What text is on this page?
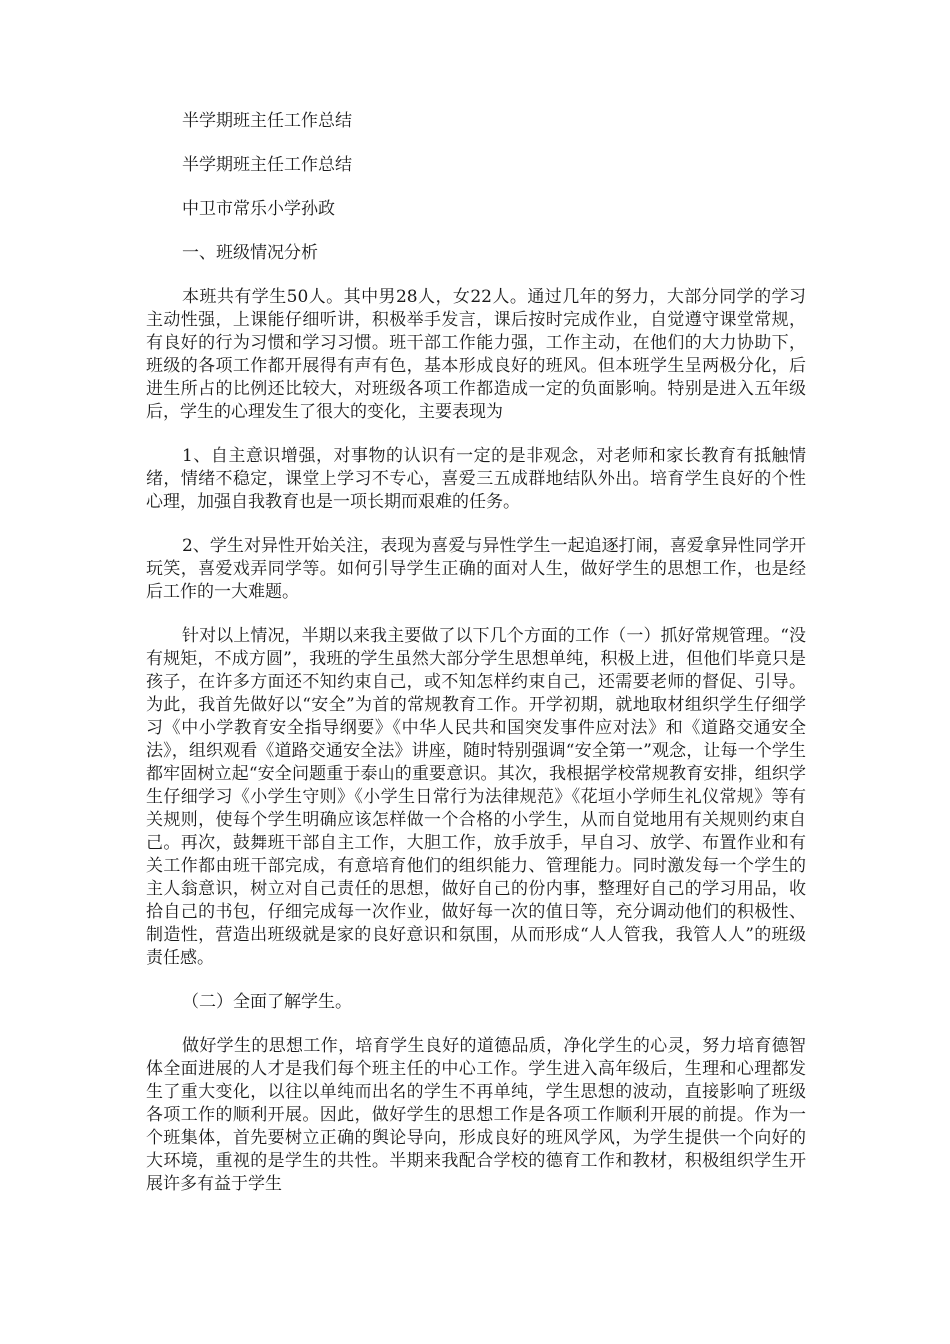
半学期班主任工作总结

半学期班主任工作总结

中卫市常乐小学孙政

一、班级情况分析

本班共有学生50人。其中男28人，女22人。通过几年的努力，大部分同学的学习主动性强，上课能仔细听讲，积极举手发言，课后按时完成作业，自觉遵守课堂常规，有良好的行为习惯和学习习惯。班干部工作能力强，工作主动，在他们的大力协助下，班级的各项工作都开展得有声有色，基本形成良好的班风。但本班学生呈两极分化，后进生所占的比例还比较大，对班级各项工作都造成一定的负面影响。特别是进入五年级后，学生的心理发生了很大的变化，主要表现为

1、自主意识增强，对事物的认识有一定的是非观念，对老师和家长教育有抵触情绪，情绪不稳定，课堂上学习不专心，喜爱三五成群地结队外出。培育学生良好的个性心理，加强自我教育也是一项长期而艰难的任务。

2、学生对异性开始关注，表现为喜爱与异性学生一起追逐打闹，喜爱拿异性同学开玩笑，喜爱戏弄同学等。如何引导学生正确的面对人生，做好学生的思想工作，也是经后工作的一大难题。

针对以上情况，半期以来我主要做了以下几个方面的工作（一）抓好常规管理。“没有规矩，不成方圆”，我班的学生虽然大部分学生思想单纯，积极上进，但他们毕竟只是孩子，在许多方面还不知约束自己，或不知怎样约束自己，还需要老师的督促、引导。为此，我首先做好以“安全”为首的常规教育工作。开学初期，就地取材组织学生仔细学习《中小学教育安全指导纲要》《中华人民共和国突发事件应对法》和《道路交通安全法》，组织观看《道路交通安全法》讲座，随时特别强调“安全第一”观念，让每一个学生都牢固树立起“安全问题重于泰山的重要意识。其次，我根据学校常规教育安排，组织学生仔细学习《小学生守则》《小学生日常行为法律规范》《花垣小学师生礼仪常规》等有关规则，使每个学生明确应该怎样做一个合格的小学生，从而自觉地用有关规则约束自己。再次，鼓舞班干部自主工作，大胆工作，放手放手，早自习、放学、布置作业和有关工作都由班干部完成，有意培育他们的组织能力、管理能力。同时激发每一个学生的主人翁意识，树立对自己责任的思想，做好自己的份内事，整理好自己的学习用品，收拾自己的书包，仔细完成每一次作业，做好每一次的值日等，充分调动他们的积极性、制造性，营造出班级就是家的良好意识和氛围，从而形成“人人管我，我管人人”的班级责任感。

（二）全面了解学生。

做好学生的思想工作，培育学生良好的道德品质，净化学生的心灵，努力培育德智体全面进展的人才是我们每个班主任的中心工作。学生进入高年级后，生理和心理都发生了重大变化，以往以单纯而出名的学生不再单纯，学生思想的波动，直接影响了班级各项工作的顺利开展。因此，做好学生的思想工作是各项工作顺利开展的前提。作为一个班集体，首先要树立正确的舆论导向，形成良好的班风学风，为学生提供一个向好的大环境，重视的是学生的共性。半期来我配合学校的德育工作和教材，积极组织学生开展许多有益于学生
